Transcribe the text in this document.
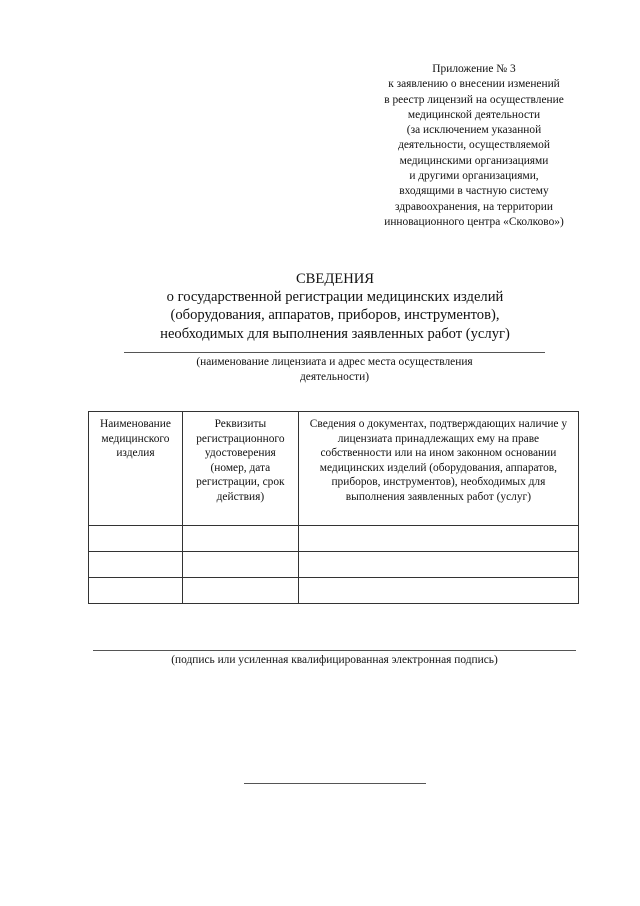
Приложение № 3
к заявлению о внесении изменений
в реестр лицензий на осуществление
медицинской деятельности
(за исключением указанной
деятельности, осуществляемой
медицинскими организациями
и другими организациями,
входящими в частную систему
здравоохранения, на территории
инновационного центра «Сколково»)
СВЕДЕНИЯ
о государственной регистрации медицинских изделий
(оборудования, аппаратов, приборов, инструментов),
необходимых для выполнения заявленных работ (услуг)
(наименование лицензиата и адрес места осуществления
деятельности)
Наименование медицинского изделия	Реквизиты регистрационного удостоверения (номер, дата регистрации, срок действия)	Сведения о документах, подтверждающих наличие у лицензиата принадлежащих ему на праве собственности или на ином законном основании медицинских изделий (оборудования, аппаратов, приборов, инструментов), необходимых для выполнения заявленных работ (услуг)

(подпись или усиленная квалифицированная электронная подпись)
